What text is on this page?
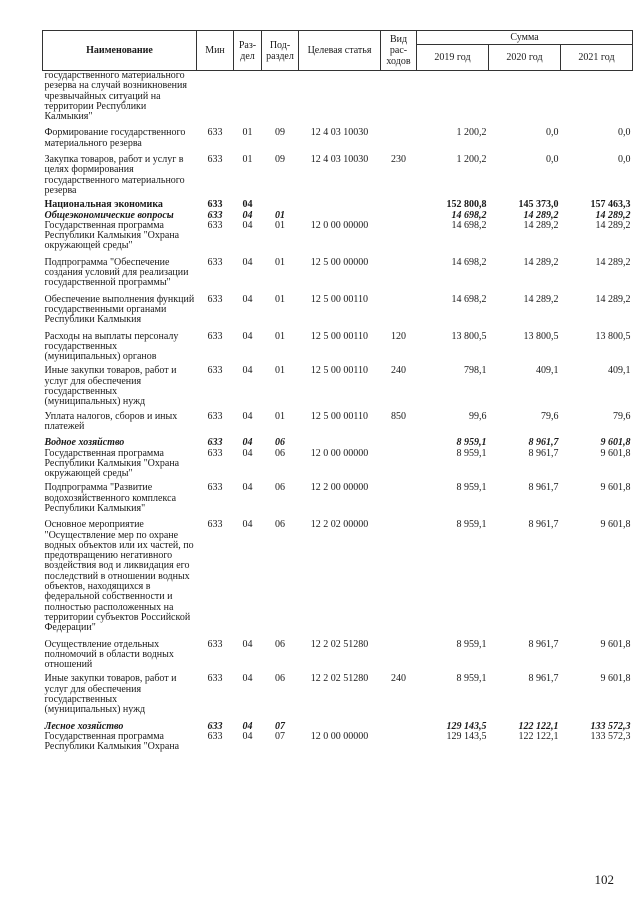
Наименование	Мин	Раз-дел	Под-раздел	Целевая статья	Вид рас-ходов	Сумма		
						2019 год	2020 год	2021 год
государственного материального резерва на случай возникновения чрезвычайных ситуаций на территории Республики Калмыкия"								
Формирование государственного материального резерва	633	01	09	12 4 03 10030		1 200,2	0,0	0,0
Закупка товаров, работ и услуг в целях формирования государственного материального резерва	633	01	09	12 4 03 10030	230	1 200,2	0,0	0,0
Национальная экономика	633	04				152 800,8	145 373,0	157 463,3
Общеэкономические вопросы	633	04	01			14 698,2	14 289,2	14 289,2
Государственная программа Республики Калмыкия "Охрана окружающей среды"	633	04	01	12 0 00 00000		14 698,2	14 289,2	14 289,2
Подпрограмма "Обеспечение создания условий для реализации государственной программы"	633	04	01	12 5 00 00000		14 698,2	14 289,2	14 289,2
Обеспечение выполнения функций государственными органами Республики Калмыкия	633	04	01	12 5 00 00110		14 698,2	14 289,2	14 289,2
Расходы на выплаты персоналу государственных (муниципальных) органов	633	04	01	12 5 00 00110	120	13 800,5	13 800,5	13 800,5
Иные закупки товаров, работ и услуг для обеспечения государственных (муниципальных) нужд	633	04	01	12 5 00 00110	240	798,1	409,1	409,1
Уплата налогов, сборов и иных платежей	633	04	01	12 5 00 00110	850	99,6	79,6	79,6
Водное хозяйство	633	04	06			8 959,1	8 961,7	9 601,8
Государственная программа Республики Калмыкия "Охрана окружающей среды"	633	04	06	12 0 00 00000		8 959,1	8 961,7	9 601,8
Подпрограмма "Развитие водохозяйственного комплекса Республики Калмыкия"	633	04	06	12 2 00 00000		8 959,1	8 961,7	9 601,8
Основное мероприятие "Осуществление мер по охране водных объектов или их частей, по предотвращению негативного воздействия вод и ликвидация его последствий в отношении водных объектов, находящихся в федеральной собственности и полностью расположенных на территории субъектов Российской Федерации"	633	04	06	12 2 02 00000		8 959,1	8 961,7	9 601,8
Осуществление отдельных полномочий в области водных отношений	633	04	06	12 2 02 51280		8 959,1	8 961,7	9 601,8
Иные закупки товаров, работ и услуг для обеспечения государственных (муниципальных) нужд	633	04	06	12 2 02 51280	240	8 959,1	8 961,7	9 601,8
Лесное хозяйство	633	04	07			129 143,5	122 122,1	133 572,3
Государственная программа Республики Калмыкия "Охрана	633	04	07	12 0 00 00000		129 143,5	122 122,1	133 572,3
102
